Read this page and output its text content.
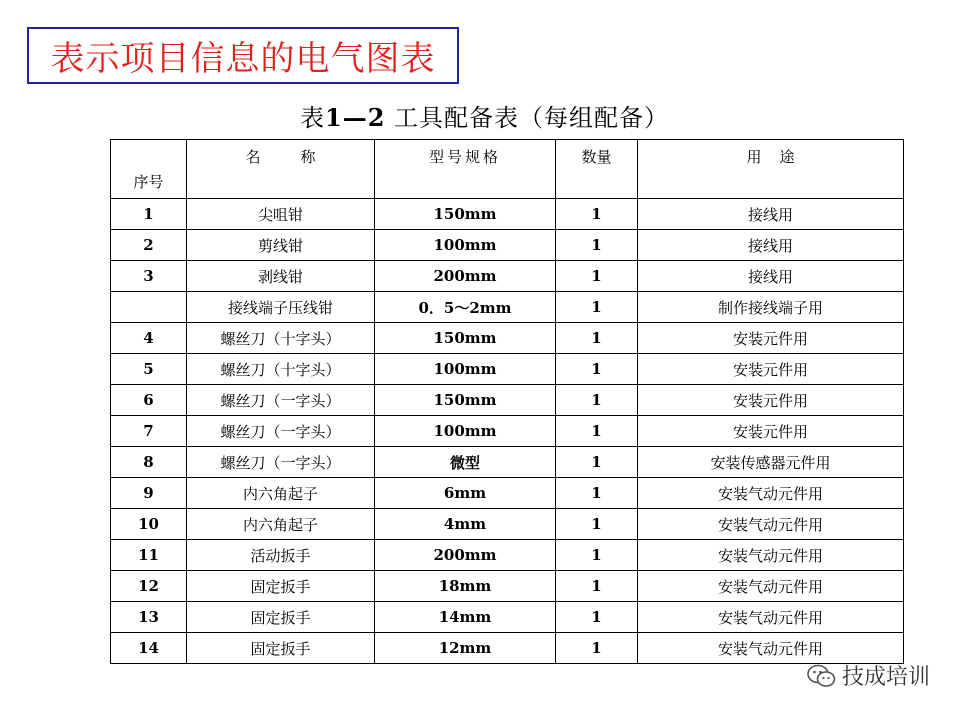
表示项目信息的电气图表
表1—2 工具配备表（每组配备）
序号	名称	型号规格	数量	用途
1	尖咀钳	150mm	1	接线用
2	剪线钳	100mm	1	接线用
3	剥线钳	200mm	1	接线用
	接线端子压线钳	0．5～2mm	1	制作接线端子用
4	螺丝刀（十字头）	150mm	1	安装元件用
5	螺丝刀（十字头）	100mm	1	安装元件用
6	螺丝刀（一字头）	150mm	1	安装元件用
7	螺丝刀（一字头）	100mm	1	安装元件用
8	螺丝刀（一字头）	微型	1	安装传感器元件用
9	内六角起子	6mm	1	安装气动元件用
10	内六角起子	4mm	1	安装气动元件用
11	活动扳手	200mm	1	安装气动元件用
12	固定扳手	18mm	1	安装气动元件用
13	固定扳手	14mm	1	安装气动元件用
14	固定扳手	12mm	1	安装气动元件用
技成培训
